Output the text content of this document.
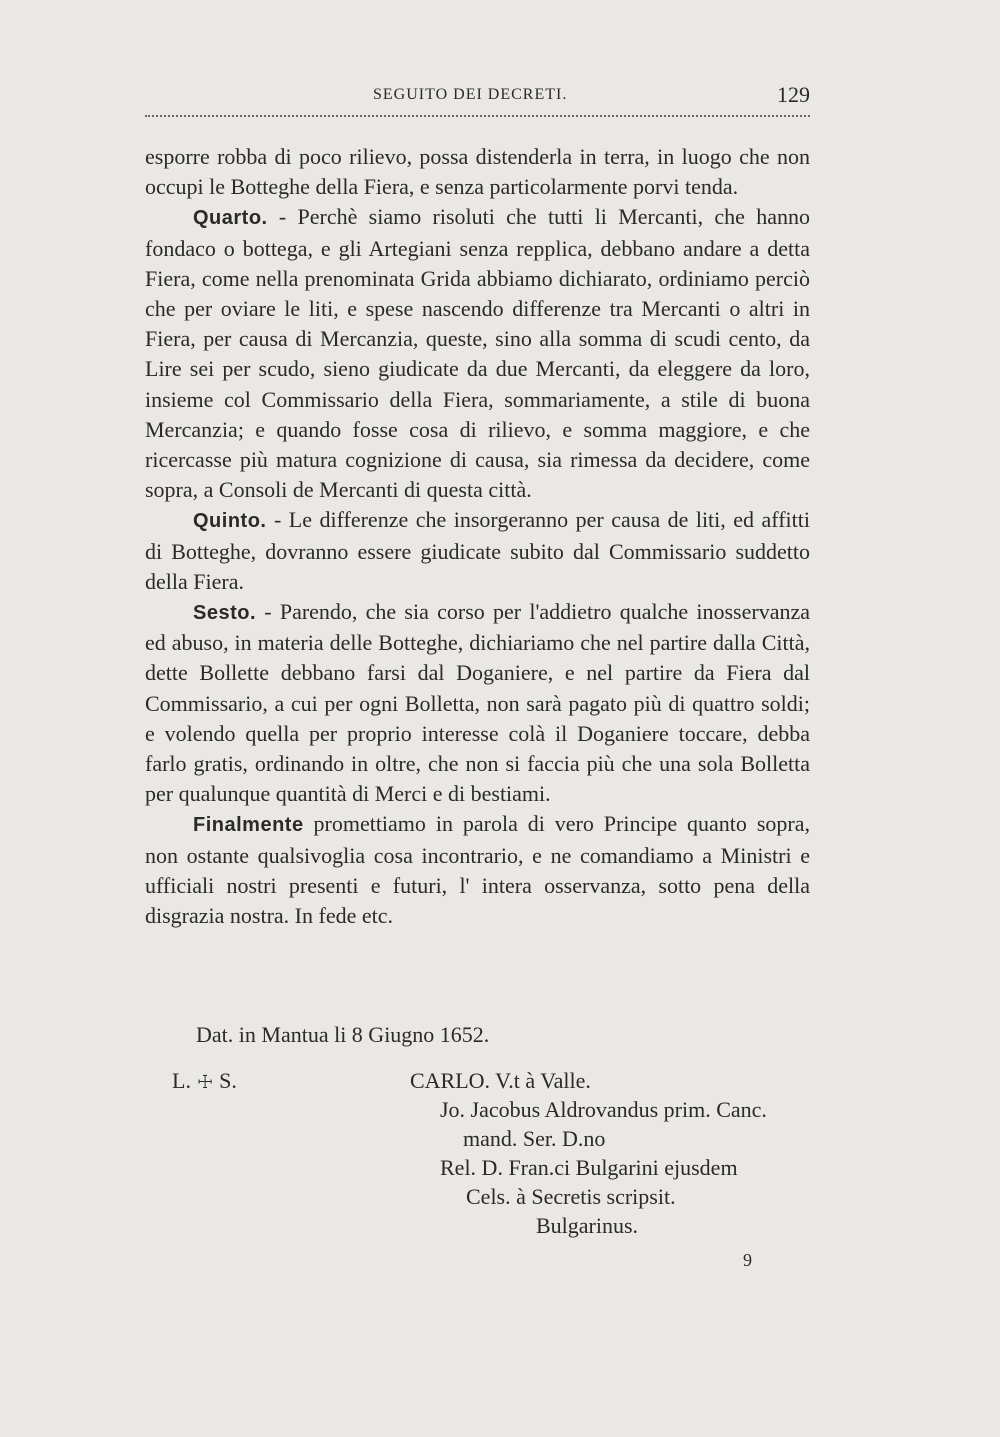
SEGUITO DEI DECRETI.	129

esporre robba di poco rilievo, possa distenderla in terra, in luogo che non occupi le Botteghe della Fiera, e senza particolarmente porvi tenda.

Quarto. - Perchè siamo risoluti che tutti li Mercanti, che hanno fondaco o bottega, e gli Artegiani senza repplica, debbano andare a detta Fiera, come nella prenominata Grida abbiamo dichiarato, ordiniamo perciò che per oviare le liti, e spese nascendo differenze tra Mercanti o altri in Fiera, per causa di Mercanzia, queste, sino alla somma di scudi cento, da Lire sei per scudo, sieno giudicate da due Mercanti, da eleggere da loro, insieme col Commissario della Fiera, sommariamente, a stile di buona Mercanzia; e quando fosse cosa di rilievo, e somma maggiore, e che ricercasse più matura cognizione di causa, sia rimessa da decidere, come sopra, a Consoli de Mercanti di questa città.

Quinto. - Le differenze che insorgeranno per causa de liti, ed affitti di Botteghe, dovranno essere giudicate subito dal Commissario suddetto della Fiera.

Sesto. - Parendo, che sia corso per l'addietro qualche inosservanza ed abuso, in materia delle Botteghe, dichiariamo che nel partire dalla Città, dette Bollette debbano farsi dal Doganiere, e nel partire da Fiera dal Commissario, a cui per ogni Bolletta, non sarà pagato più di quattro soldi; e volendo quella per proprio interesse colà il Doganiere toccare, debba farlo gratis, ordinando in oltre, che non si faccia più che una sola Bolletta per qualunque quantità di Merci e di bestiami.

Finalmente promettiamo in parola di vero Principe quanto sopra, non ostante qualsivoglia cosa incontrario, e ne comandiamo a Ministri e ufficiali nostri presenti e futuri, l' intera osservanza, sotto pena della disgrazia nostra. In fede etc.

Dat. in Mantua li 8 Giugno 1652.
L. ☩ S.	CARLO. V.t à Valle.
Jo. Jacobus Aldrovandus prim. Canc.
mand. Ser. D.no
Rel. D. Fran.ci Bulgarini ejusdem
Cels. à Secretis scripsit.
Bulgarinus.
9
